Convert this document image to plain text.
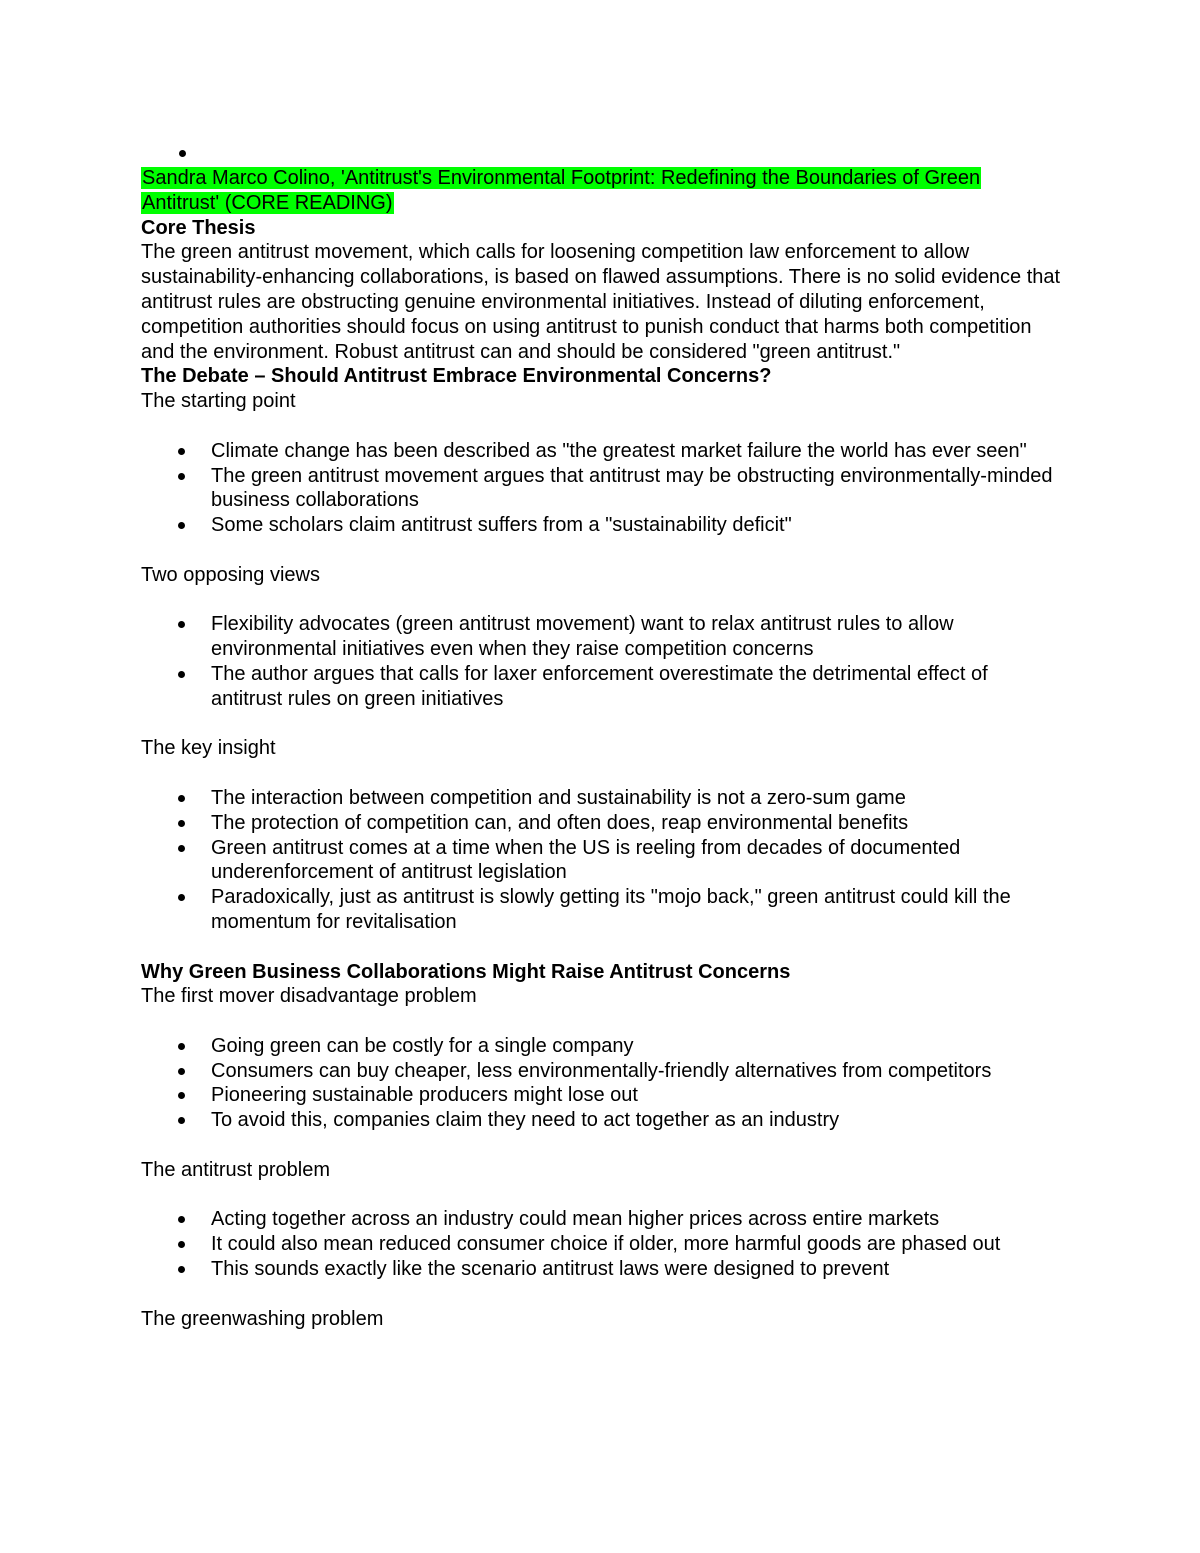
Sandra Marco Colino, 'Antitrust's Environmental Footprint: Redefining the Boundaries of Green Antitrust' (CORE READING)

Core Thesis

The green antitrust movement, which calls for loosening competition law enforcement to allow sustainability-enhancing collaborations, is based on flawed assumptions. There is no solid evidence that antitrust rules are obstructing genuine environmental initiatives. Instead of diluting enforcement, competition authorities should focus on using antitrust to punish conduct that harms both competition and the environment. Robust antitrust can and should be considered "green antitrust."

The Debate – Should Antitrust Embrace Environmental Concerns?

The starting point

Climate change has been described as "the greatest market failure the world has ever seen"
The green antitrust movement argues that antitrust may be obstructing environmentally-minded business collaborations
Some scholars claim antitrust suffers from a "sustainability deficit"

Two opposing views

Flexibility advocates (green antitrust movement) want to relax antitrust rules to allow environmental initiatives even when they raise competition concerns
The author argues that calls for laxer enforcement overestimate the detrimental effect of antitrust rules on green initiatives

The key insight

The interaction between competition and sustainability is not a zero-sum game
The protection of competition can, and often does, reap environmental benefits
Green antitrust comes at a time when the US is reeling from decades of documented underenforcement of antitrust legislation
Paradoxically, just as antitrust is slowly getting its "mojo back," green antitrust could kill the momentum for revitalisation

Why Green Business Collaborations Might Raise Antitrust Concerns

The first mover disadvantage problem

Going green can be costly for a single company
Consumers can buy cheaper, less environmentally-friendly alternatives from competitors
Pioneering sustainable producers might lose out
To avoid this, companies claim they need to act together as an industry

The antitrust problem

Acting together across an industry could mean higher prices across entire markets
It could also mean reduced consumer choice if older, more harmful goods are phased out
This sounds exactly like the scenario antitrust laws were designed to prevent

The greenwashing problem
